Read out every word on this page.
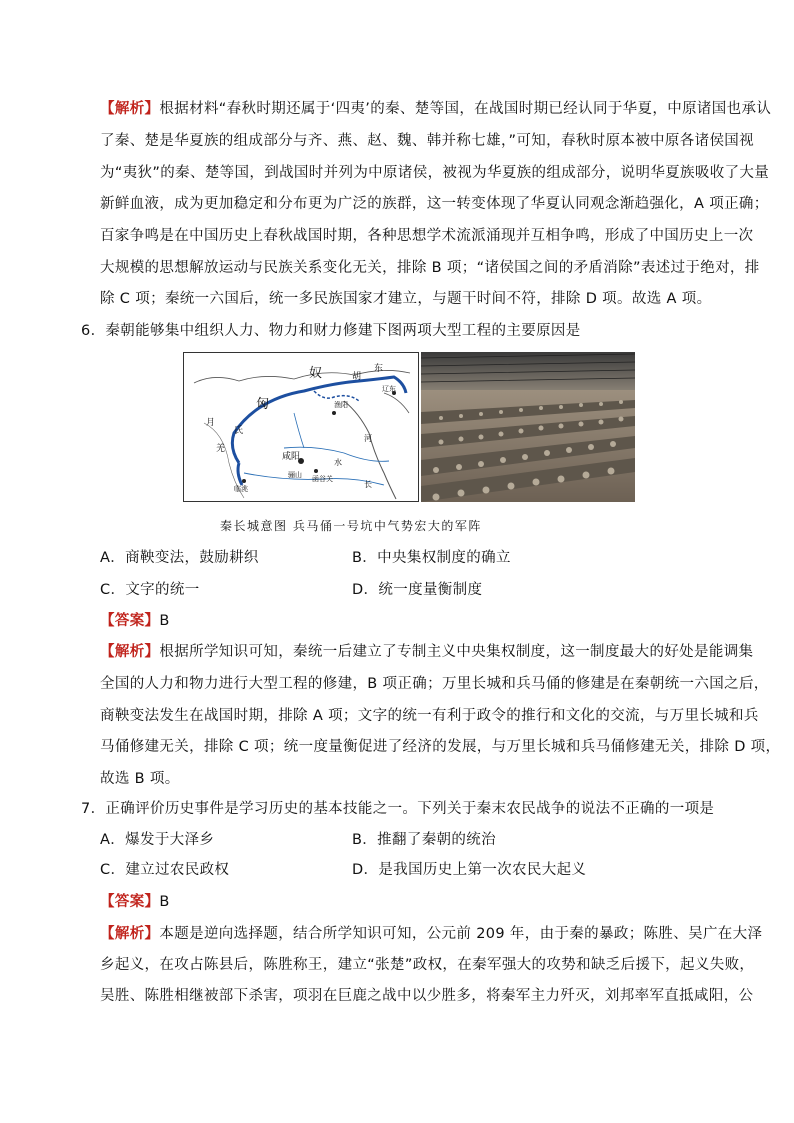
【解析】根据材料“春秋时期还属于‘四夷’的秦、楚等国，在战国时期已经认同于华夏，中原诸国也承认
了秦、楚是华夏族的组成部分与齐、燕、赵、魏、韩并称七雄，”可知，春秋时原本被中原各诸侯国视
为“夷狄”的秦、楚等国，到战国时并列为中原诸侯，被视为华夏族的组成部分，说明华夏族吸收了大量
新鲜血液，成为更加稳定和分布更为广泛的族群，这一转变体现了华夏认同观念渐趋强化，A 项正确；
百家争鸣是在中国历史上春秋战国时期，各种思想学术流派涌现并互相争鸣，形成了中国历史上一次
大规模的思想解放运动与民族关系变化无关，排除 B 项；“诸侯国之间的矛盾消除”表述过于绝对，排
除 C 项；秦统一六国后，统一多民族国家才建立，与题干时间不符，排除 D 项。故选 A 项。
6．秦朝能够集中组织人力、物力和财力修建下图两项大型工程的主要原因是
东
胡
奴
匈
月
氏
羌
咸阳
辽东
渔阳
临洮
骊山 函谷关
水
河
长
秦长城意图 兵马俑一号坑中气势宏大的军阵
A．商鞅变法，鼓励耕织	B．中央集权制度的确立
C．文字的统一	D．统一度量衡制度
【答案】B
【解析】根据所学知识可知，秦统一后建立了专制主义中央集权制度，这一制度最大的好处是能调集
全国的人力和物力进行大型工程的修建，B 项正确；万里长城和兵马俑的修建是在秦朝统一六国之后，
商鞅变法发生在战国时期，排除 A 项；文字的统一有利于政令的推行和文化的交流，与万里长城和兵
马俑修建无关，排除 C 项；统一度量衡促进了经济的发展，与万里长城和兵马俑修建无关，排除 D 项，
故选 B 项。
7．正确评价历史事件是学习历史的基本技能之一。下列关于秦末农民战争的说法不正确的一项是
A．爆发于大泽乡	B．推翻了秦朝的统治
C．建立过农民政权	D．是我国历史上第一次农民大起义
【答案】B
【解析】本题是逆向选择题，结合所学知识可知，公元前 209 年，由于秦的暴政；陈胜、吴广在大泽
乡起义，在攻占陈县后，陈胜称王，建立“张楚”政权，在秦军强大的攻势和缺乏后援下，起义失败，
吴胜、陈胜相继被部下杀害，项羽在巨鹿之战中以少胜多，将秦军主力歼灭，刘邦率军直抵咸阳，公
